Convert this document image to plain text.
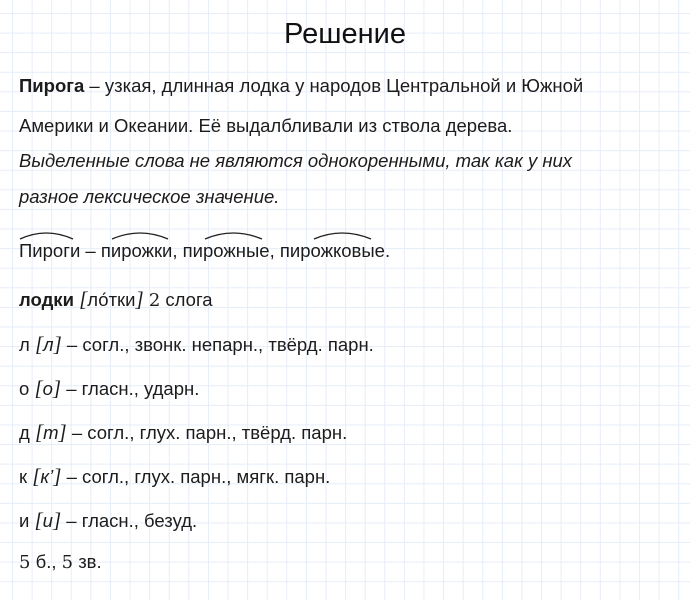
Решение
Пирога – узкая, длинная лодка у народов Центральной и Южной
Америки и Океании. Её выдалбливали из ствола дерева.
Выделенные слова не являются однокоренными, так как у них
разное лексическое значение.
Пироги – пирожки, пирожные, пирожковые.
лодки [ло́тки] 2 слога
л [л] – согл., звонк. непарн., твёрд. парн.
о [о] – гласн., ударн.
д [т] – согл., глух. парн., твёрд. парн.
к [к’] – согл., глух. парн., мягк. парн.
и [и] – гласн., безуд.
5 б., 5 зв.
